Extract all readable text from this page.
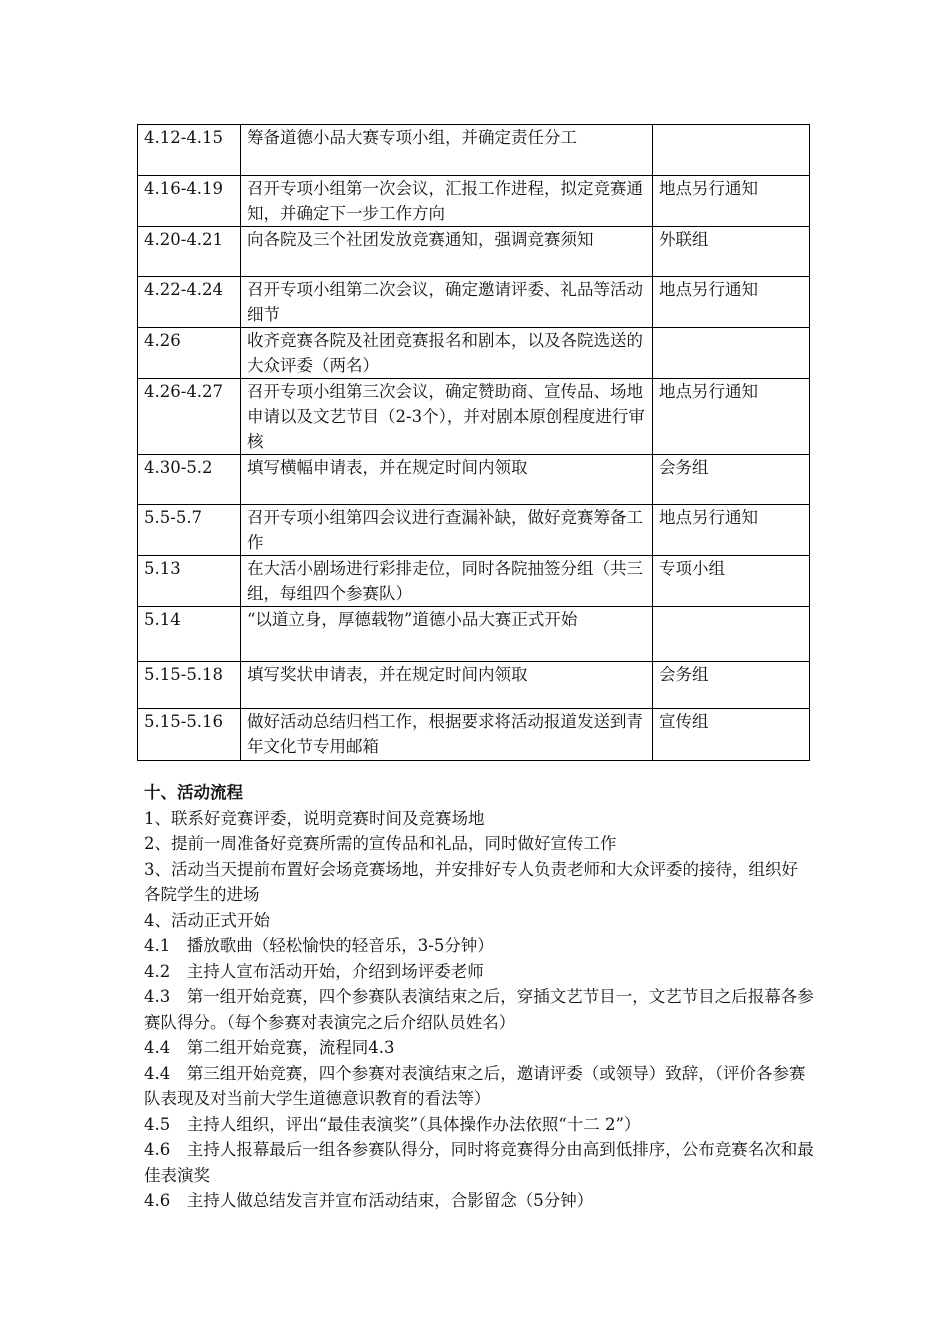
4.12-4.15	筹备道德小品大赛专项小组，并确定责任分工	
4.16-4.19	召开专项小组第一次会议，汇报工作进程，拟定竞赛通知，并确定下一步工作方向	地点另行通知
4.20-4.21	向各院及三个社团发放竞赛通知，强调竞赛须知	外联组
4.22-4.24	召开专项小组第二次会议，确定邀请评委、礼品等活动细节	地点另行通知
4.26	收齐竞赛各院及社团竞赛报名和剧本，以及各院选送的大众评委（两名）	
4.26-4.27	召开专项小组第三次会议，确定赞助商、宣传品、场地申请以及文艺节目（2-3个），并对剧本原创程度进行审核	地点另行通知
4.30-5.2	填写横幅申请表，并在规定时间内领取	会务组
5.5-5.7	召开专项小组第四会议进行查漏补缺，做好竞赛筹备工作	地点另行通知
5.13	在大活小剧场进行彩排走位，同时各院抽签分组（共三组，每组四个参赛队）	专项小组
5.14	“以道立身，厚德载物”道德小品大赛正式开始	
5.15-5.18	填写奖状申请表，并在规定时间内领取	会务组
5.15-5.16	做好活动总结归档工作，根据要求将活动报道发送到青年文化节专用邮箱	宣传组
十、活动流程
1、联系好竞赛评委，说明竞赛时间及竞赛场地
2、提前一周准备好竞赛所需的宣传品和礼品，同时做好宣传工作
3、活动当天提前布置好会场竞赛场地，并安排好专人负责老师和大众评委的接待，组织好各院学生的进场
4、活动正式开始
4.1　播放歌曲（轻松愉快的轻音乐，3-5分钟）
4.2　主持人宣布活动开始，介绍到场评委老师
4.3　第一组开始竞赛，四个参赛队表演结束之后，穿插文艺节目一，文艺节目之后报幕各参赛队得分。（每个参赛对表演完之后介绍队员姓名）
4.4　第二组开始竞赛，流程同4.3
4.4　第三组开始竞赛，四个参赛对表演结束之后，邀请评委（或领导）致辞，（评价各参赛队表现及对当前大学生道德意识教育的看法等）
4.5　主持人组织，评出“最佳表演奖”（具体操作办法依照“十二 2”）
4.6　主持人报幕最后一组各参赛队得分，同时将竞赛得分由高到低排序，公布竞赛名次和最佳表演奖
4.6　主持人做总结发言并宣布活动结束，合影留念（5分钟）
